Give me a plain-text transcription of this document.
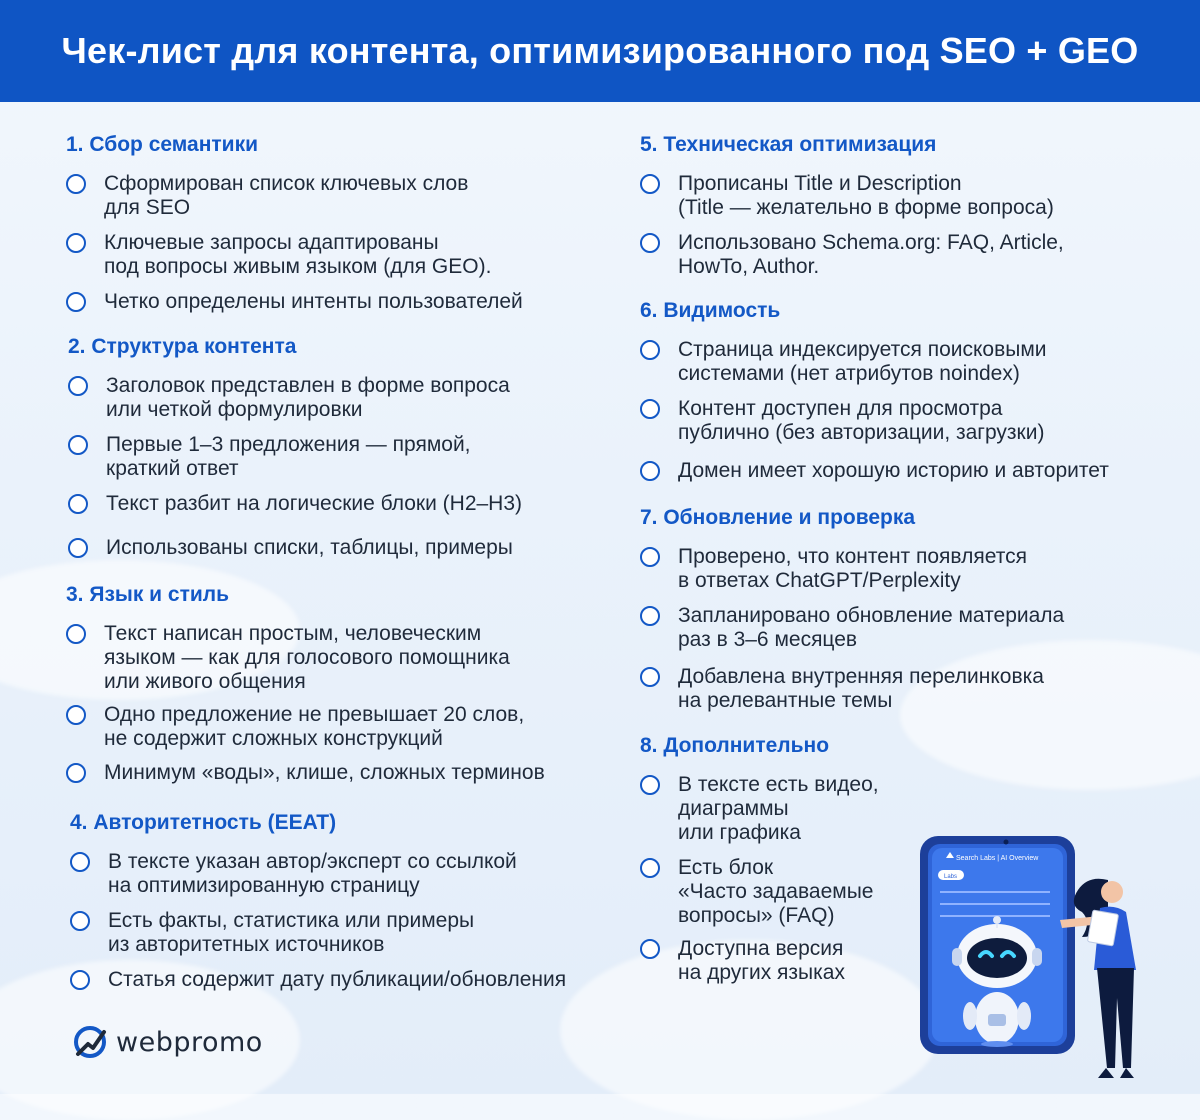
Чек-лист для контента, оптимизированного под SEO + GEO
1. Сбор семантики
Сформирован список ключевых слов
для SEO
Ключевые запросы адаптированы
под вопросы живым языком (для GEO).
Четко определены интенты пользователей
2. Структура контента
Заголовок представлен в форме вопроса
или четкой формулировки
Первые 1–3 предложения — прямой,
краткий ответ
Текст разбит на логические блоки (H2–H3)
Использованы списки, таблицы, примеры
3. Язык и стиль
Текст написан простым, человеческим
языком — как для голосового помощника
или живого общения
Одно предложение не превышает 20 слов,
не содержит сложных конструкций
Минимум «воды», клише, сложных терминов
4. Авторитетность (EEAT)
В тексте указан автор/эксперт со ссылкой
на оптимизированную страницу
Есть факты, статистика или примеры
из авторитетных источников
Статья содержит дату публикации/обновления
5. Техническая оптимизация
Прописаны Title и Description
(Title — желательно в форме вопроса)
Использовано Schema.org: FAQ, Article,
HowTo, Author.
6. Видимость
Страница индексируется поисковыми
системами (нет атрибутов noindex)
Контент доступен для просмотра
публично (без авторизации, загрузки)
Домен имеет хорошую историю и авторитет
7. Обновление и проверка
Проверено, что контент появляется
в ответах ChatGPT/Perplexity
Запланировано обновление материала
раз в 3–6 месяцев
Добавлена внутренняя перелинковка
на релевантные темы
8. Дополнительно
В тексте есть видео, диаграммы
или графика
Есть блок
«Часто задаваемые
вопросы» (FAQ)
Доступна версия
на других языках
Search Labs | AI Overview
Labs
webpromo
